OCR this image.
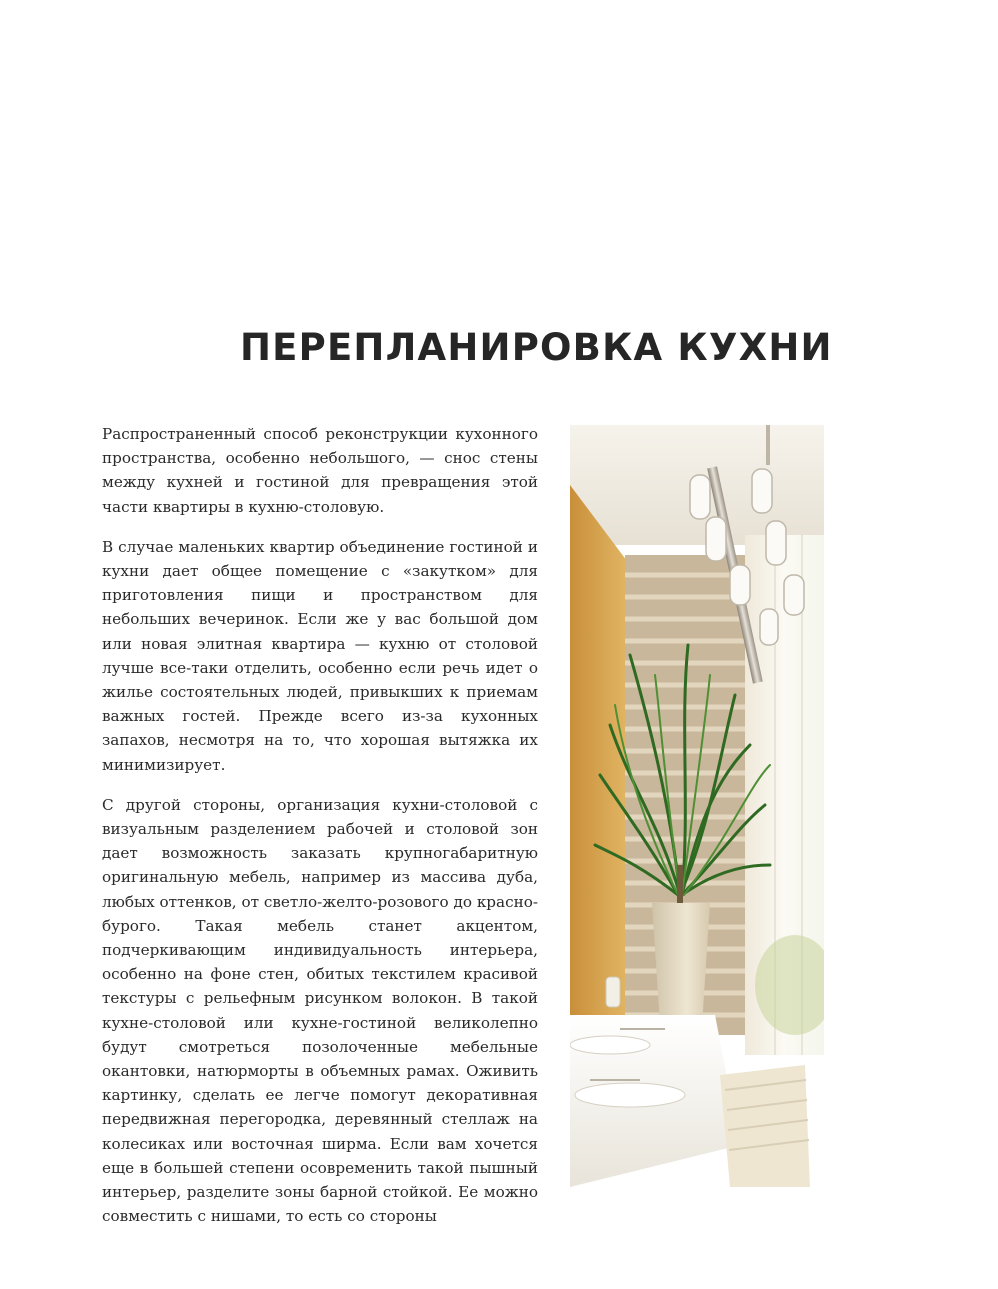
ПЕРЕПЛАНИРОВКА КУХНИ

Распространенный способ реконструкции кухонного пространства, особенно небольшого, — снос стены между кухней и гостиной для превращения этой части квартиры в кухню-столовую.

В случае маленьких квартир объединение гостиной и кухни дает общее помещение с «закутком» для приготовления пищи и пространством для небольших вечеринок. Если же у вас большой дом или новая элитная квартира — кухню от столовой лучше все-таки отделить, особенно если речь идет о жилье состоятельных людей, привыкших к приемам важных гостей. Прежде всего из-за кухонных запахов, несмотря на то, что хорошая вытяжка их минимизирует.

С другой стороны, организация кухни-столовой с визуальным разделением рабочей и столовой зон дает возможность заказать крупногабаритную оригинальную мебель, например из массива дуба, любых оттенков, от светло-желто-розового до красно-бурого. Такая мебель станет акцентом, подчеркивающим индивидуальность интерьера, особенно на фоне стен, обитых текстилем красивой текстуры с рельефным рисунком волокон. В такой кухне-столовой или кухне-гостиной великолепно будут смотреться позолоченные мебельные окантовки, натюрморты в объемных рамах. Оживить картинку, сделать ее легче помогут декоративная передвижная перегородка, деревянный стеллаж на колесиках или восточная ширма. Если вам хочется еще в большей степени осовременить такой пышный интерьер, разделите зоны барной стойкой. Ее можно совместить с нишами, то есть со стороны
